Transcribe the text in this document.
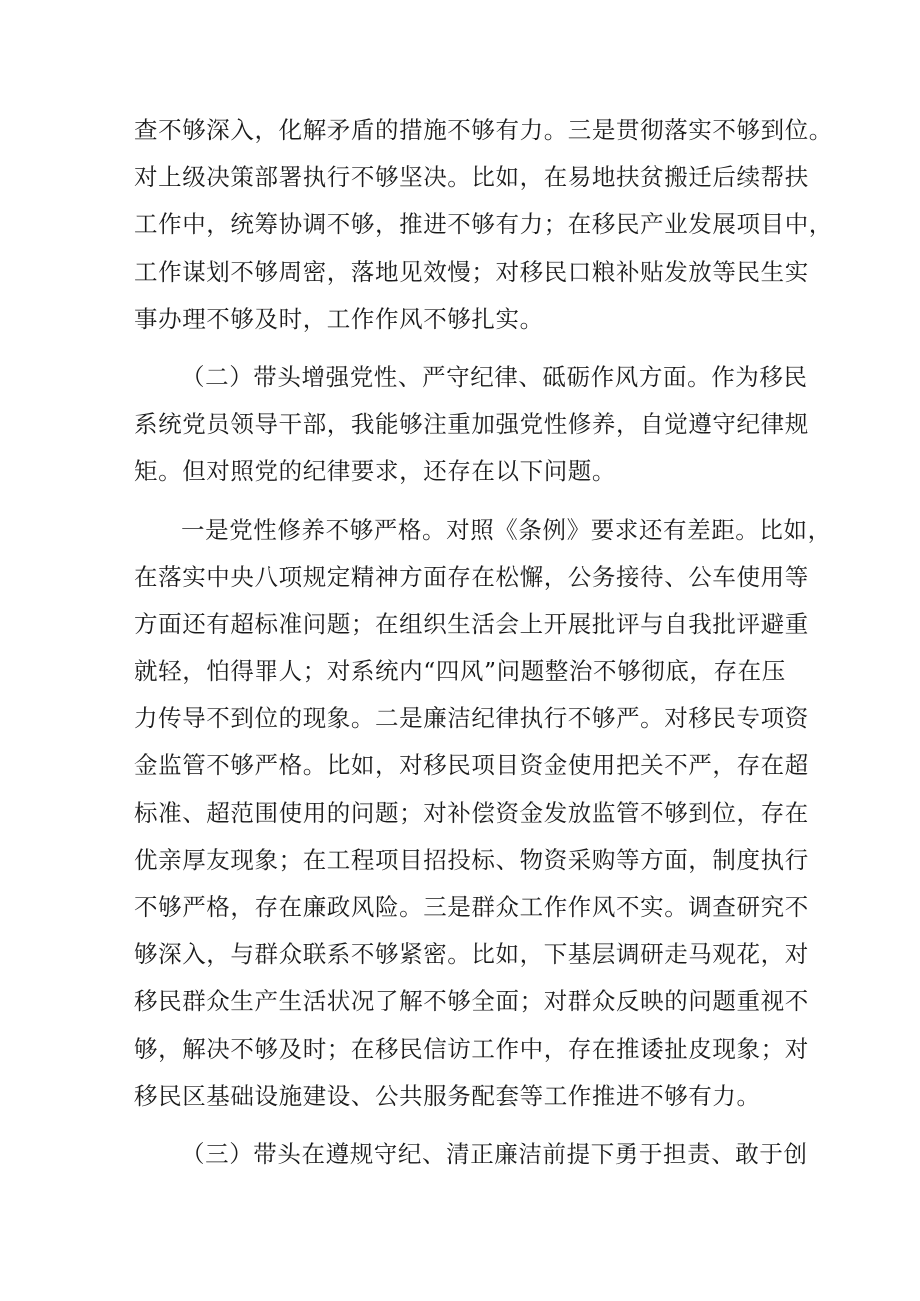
查不够深入，化解矛盾的措施不够有力。三是贯彻落实不够到位。
对上级决策部署执行不够坚决。比如，在易地扶贫搬迁后续帮扶
工作中，统筹协调不够，推进不够有力；在移民产业发展项目中，
工作谋划不够周密，落地见效慢；对移民口粮补贴发放等民生实
事办理不够及时，工作作风不够扎实。
（二）带头增强党性、严守纪律、砥砺作风方面。作为移民
系统党员领导干部，我能够注重加强党性修养，自觉遵守纪律规
矩。但对照党的纪律要求，还存在以下问题。
一是党性修养不够严格。对照《条例》要求还有差距。比如，
在落实中央八项规定精神方面存在松懈，公务接待、公车使用等
方面还有超标准问题；在组织生活会上开展批评与自我批评避重
就轻，怕得罪人；对系统内“四风”问题整治不够彻底，存在压
力传导不到位的现象。二是廉洁纪律执行不够严。对移民专项资
金监管不够严格。比如，对移民项目资金使用把关不严，存在超
标准、超范围使用的问题；对补偿资金发放监管不够到位，存在
优亲厚友现象；在工程项目招投标、物资采购等方面，制度执行
不够严格，存在廉政风险。三是群众工作作风不实。调查研究不
够深入，与群众联系不够紧密。比如，下基层调研走马观花，对
移民群众生产生活状况了解不够全面；对群众反映的问题重视不
够，解决不够及时；在移民信访工作中，存在推诿扯皮现象；对
移民区基础设施建设、公共服务配套等工作推进不够有力。
（三）带头在遵规守纪、清正廉洁前提下勇于担责、敢于创
